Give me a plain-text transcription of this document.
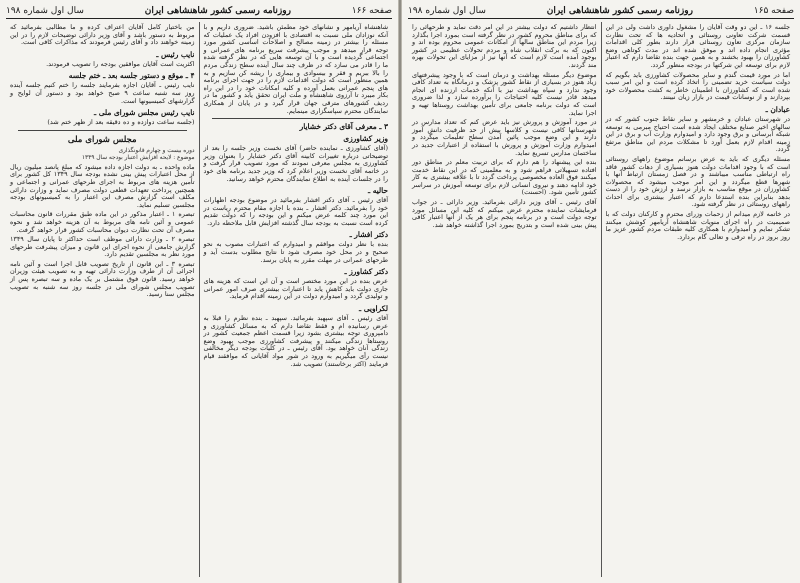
صفحه ۱۶۶
روزنامه رسمی کشور شاهنشاهی ایران
سال اول شماره ۱۹۸
شاهنشاه آریامهر و نشانهای خود مطمئن باشید. ضروری داریم و با آنکه نوزادان ملی نسبت به اقتصادی با افزودن افراد یک عملیات که مسئله را بیشتر در زمینه مصالح و اصلاحات اساسی کشور مورد توجه قرار میدهد و موجب پیشرفت سریع برنامه های عمرانی و اجتماعی گردیده است و با آن توسعه هایی که در نظر گرفته شده ما را قادر می سازد که در ظرف چند سال آینده سطح زندگی مردم را بالا ببریم و فقر و بیسوادی و بیماری را ریشه کن سازیم و به همین منظور است که دولت اقدامات لازم را در جهت اجرای برنامه های پنجم عمرانی بعمل آورده و کلیه امکانات خود را در این راه بکار میبرد تا آرزوی شاهنشاه و ملت ایران تحقق یابد و کشور ما در ردیف کشورهای مترقی جهان قرار گیرد و در پایان از همکاری نمایندگان محترم سپاسگزاری مینمایم.
۳ ـ معرفی آقای دکتر خشایار
وزیر کشاورزی
(آقای کشاورزی ـ نماینده حاضر) آقای نخست وزیر جلسه را بعد از توضیحاتی درباره تغییرات کابینه آقای دکتر خشایار را بعنوان وزیر کشاورزی به مجلس معرفی نمودند که مورد تصویب قرار گرفت و در خاتمه آقای نخست وزیر اعلام کرد که وزیر جدید برنامه های خود را در جلسات آینده به اطلاع نمایندگان محترم خواهد رسانید.
حالیه ـ
آقای رئیس ـ آقای دکتر افشار بفرمائید در موضوع بودجه اظهارات خود را بفرمائید. دکتر افشار ـ بنده با اجازه مقام محترم ریاست در این مورد چند کلمه عرض میکنم و این بودجه را که دولت تقدیم کرده است نسبت به بودجه سال گذشته افزایش قابل ملاحظه دارد.
دکتر افشار ـ
بنده با نظر دولت موافقم و امیدوارم که اعتبارات مصوب به نحو صحیح و در محل خود مصرف شود تا نتایج مطلوب بدست آید و طرحهای عمرانی در مهلت مقرر به پایان برسد.
دکتر کشاورز ـ
عرض بنده در این مورد مختصر است و آن این است که هزینه های جاری دولت باید کاهش یابد تا اعتبارات بیشتری صرف امور عمرانی و تولیدی گردد و امیدوارم دولت در این زمینه اقدام فرماید.
لکراویی ـ
آقای رئیس ـ آقای سپهبد بفرمائید. سپهبد ـ بنده نظرم را قبلا به عرض رسانیده ام و فقط تقاضا دارم که به مسائل کشاورزی و دامپروری توجه بیشتری بشود زیرا قسمت اعظم جمعیت کشور در روستاها زندگی میکنند و پیشرفت کشاورزی موجب بهبود وضع زندگی آنان خواهد بود. آقای رئیس ـ در کلیات بودجه دیگر مخالفی نیست رأی میگیریم به ورود در شور مواد آقایانی که موافقند قیام فرمایند (اکثر برخاستند) تصویب شد.
من باختیار کامل آقایان اعتراف کرده و ما مطالبی بفرمائید که مربوط به دستور باشد و آقای وزیر دارائی توضیحات لازم را در این زمینه خواهند داد و آقای رئیس فرمودند که مذاکرات کافی است.
نایب رئیس ـ
اکثریت است آقایان موافقین بودجه را تصویب فرمودند.
۴ ـ موقع و دستور جلسه بعد ـ ختم جلسه
نایب رئیس ـ آقایان اجازه بفرمایند جلسه را ختم کنیم جلسه آینده روز سه شنبه ساعت ۹ صبح خواهد بود و دستور آن لوایح و گزارشهای کمیسیونها است.
نایب رئیس مجلس شورای ملی ـ
(جلسه ساعت دوازده و ده دقیقه بعد از ظهر ختم شد)
مجلس شورای ملی
دوره بیست و چهارم قانونگذاری
موضوع : لایحه افزایش اعتبار بودجه سال ۱۳۴۹
ماده واحده ـ به دولت اجازه داده میشود که مبلغ پانصد میلیون ریال از محل اعتبارات پیش بینی نشده بودجه سال ۱۳۴۹ کل کشور برای تأمین هزینه های مربوط به اجرای طرحهای عمرانی و اجتماعی و همچنین پرداخت تعهدات قطعی دولت مصرف نماید و وزارت دارائی مکلف است گزارش مصرف این اعتبار را به کمیسیونهای بودجه مجلسین تسلیم نماید.
تبصره ۱ ـ اعتبار مذکور در این ماده طبق مقررات قانون محاسبات عمومی و آئین نامه های مربوط به آن هزینه خواهد شد و نحوه مصرف آن تحت نظارت دیوان محاسبات کشور قرار خواهد گرفت.
تبصره ۲ ـ وزارت دارائی موظف است حداکثر تا پایان سال ۱۳۴۹ گزارش جامعی از نحوه اجرای این قانون و میزان پیشرفت طرحهای مورد نظر به مجلسین تقدیم دارد.
تبصره ۳ ـ این قانون از تاریخ تصویب قابل اجرا است و آئین نامه اجرائی آن از طرف وزارت دارائی تهیه و به تصویب هیئت وزیران خواهد رسید. قانون فوق مشتمل بر یک ماده و سه تبصره پس از تصویب مجلس شورای ملی در جلسه روز سه شنبه به تصویب مجلس سنا رسید.
صفحه ۱۶۵
روزنامه رسمی کشور شاهنشاهی ایران
سال اول شماره ۱۹۸
جلسه ۱۶ ـ این دو وقت آقایان را مشغول داوری داشت ولی در این قسمت شرکت تعاونی روستائی و اتحادیه ها که تحت نظارت سازمان مرکزی تعاون روستائی قرار دارند بطور کلی اقدامات مؤثری انجام داده اند و موفق شده اند در مدت کوتاهی وضع کشاورزان را بهبود بخشند و به همین جهت بنده تقاضا دارم که اعتبار لازم برای توسعه این شرکتها در بودجه منظور گردد.
اما در مورد قیمت گندم و سایر محصولات کشاورزی باید بگویم که دولت سیاست خرید تضمینی را اتخاذ کرده است و این امر سبب شده است که کشاورزان با اطمینان خاطر به کشت محصولات خود بپردازند و از نوسانات قیمت در بازار زیان نبینند.
عبادان ـ
در شهرستان عبادان و خرمشهر و سایر نقاط جنوب کشور که در سالهای اخیر صنایع مختلف ایجاد شده است احتیاج مبرمی به توسعه شبکه آبرسانی و برق وجود دارد و امیدوارم وزارت آب و برق در این زمینه اقدام لازم بعمل آورد تا مشکلات مردم این مناطق مرتفع گردد.
مسئله دیگری که باید به عرض برسانم موضوع راههای روستائی است که با وجود اقدامات دولت هنوز بسیاری از دهات کشور فاقد راه ارتباطی مناسب میباشند و در فصل زمستان ارتباط آنها با شهرها قطع میگردد و این امر موجب میشود که محصولات کشاورزان در موقع مناسب به بازار نرسد و ارزش خود را از دست بدهد بنابراین بنده استدعا دارم که اعتبار بیشتری برای احداث راههای روستائی در نظر گرفته شود.
در خاتمه لازم میدانم از زحمات وزرای محترم و کارکنان دولت که با صمیمیت در راه اجرای منویات شاهنشاه آریامهر کوشش میکنند تشکر نمایم و امیدوارم با همکاری کلیه طبقات مردم کشور عزیز ما روز بروز در راه ترقی و تعالی گام بردارد.
انتظار داشتیم که دولت بیشتر در این امر دقت نماید و طرحهائی را که برای مناطق محروم کشور در نظر گرفته است بمورد اجرا بگذارد زیرا مردم این مناطق سالها از امکانات عمومی محروم بوده اند و اکنون که به برکت انقلاب شاه و مردم تحولات عظیمی در کشور بوجود آمده است لازم است که آنها نیز از مزایای این تحولات بهره مند گردند.
موضوع دیگر مسئله بهداشت و درمان است که با وجود پیشرفتهای زیاد هنوز در بسیاری از نقاط کشور پزشک و درمانگاه به تعداد کافی وجود ندارد و سپاه بهداشت نیز با آنکه خدمات ارزنده ای انجام میدهد قادر نیست کلیه احتیاجات را برآورده سازد و لذا ضروری است که دولت برنامه جامعی برای تأمین بهداشت روستاها تهیه و اجرا نماید.
در مورد آموزش و پرورش نیز باید عرض کنم که تعداد مدارس در شهرستانها کافی نیست و کلاسها بیش از حد ظرفیت دانش آموز دارند و این وضع موجب پائین آمدن سطح تعلیمات میگردد و امیدوارم وزارت آموزش و پرورش با استفاده از اعتبارات جدید در ساختمان مدارس تسریع نماید.
بنده این پیشنهاد را هم دارم که برای تربیت معلم در مناطق دور افتاده تسهیلاتی فراهم شود و به معلمینی که در این نقاط خدمت میکنند فوق العاده مخصوصی پرداخت گردد تا با علاقه بیشتری به کار خود ادامه دهند و نیروی انسانی لازم برای توسعه آموزش در سراسر کشور تأمین شود. (احسنت)
آقای رئیس ـ آقای وزیر دارائی بفرمائید. وزیر دارائی ـ در جواب فرمایشات نماینده محترم عرض میکنم که کلیه این مسائل مورد توجه دولت است و در برنامه پنجم برای هر یک از آنها اعتبار کافی پیش بینی شده است و بتدریج بمورد اجرا گذاشته خواهد شد.
